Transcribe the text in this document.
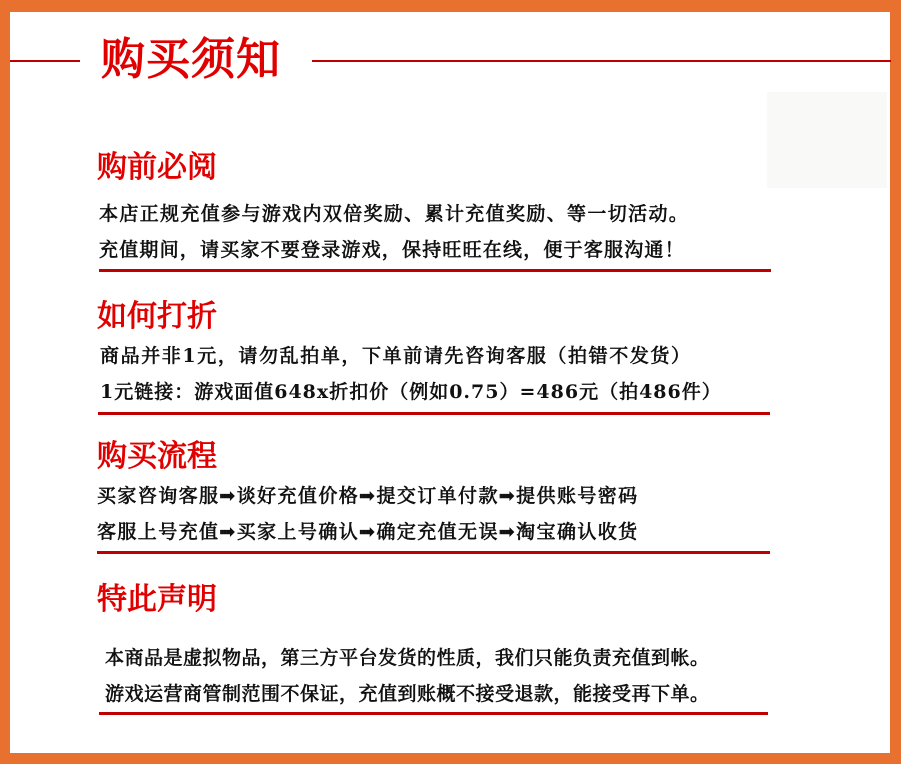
购买须知
购前必阅
本店正规充值参与游戏内双倍奖励、累计充值奖励、等一切活动。
充值期间，请买家不要登录游戏，保持旺旺在线，便于客服沟通！
如何打折
商品并非1元，请勿乱拍单，下单前请先咨询客服（拍错不发货）
1元链接：游戏面值648x折扣价（例如0.75）=486元（拍486件）
购买流程
买家咨询客服➟谈好充值价格➟提交订单付款➟提供账号密码
客服上号充值➟买家上号确认➟确定充值无误➟淘宝确认收货
特此声明
本商品是虚拟物品，第三方平台发货的性质，我们只能负责充值到帐。
游戏运营商管制范围不保证，充值到账概不接受退款，能接受再下单。
